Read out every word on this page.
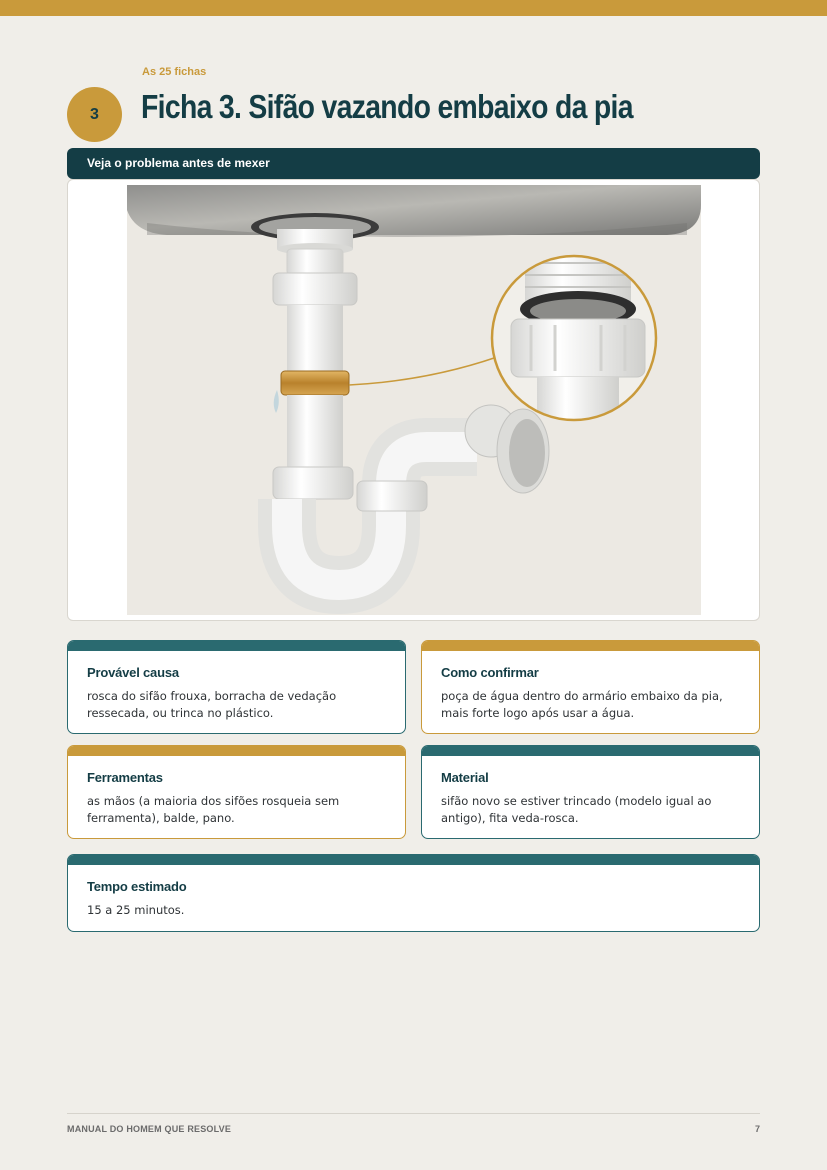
As 25 fichas
3	Ficha 3. Sifão vazando embaixo da pia
Veja o problema antes de mexer
Provável causa

rosca do sifão frouxa, borracha de vedação ressecada, ou trinca no plástico.

Como confirmar

poça de água dentro do armário embaixo da pia, mais forte logo após usar a água.

Ferramentas

as mãos (a maioria dos sifões rosqueia sem ferramenta), balde, pano.

Material

sifão novo se estiver trincado (modelo igual ao antigo), fita veda-rosca.

Tempo estimado

15 a 25 minutos.

MANUAL DO HOMEM QUE RESOLVE	7
